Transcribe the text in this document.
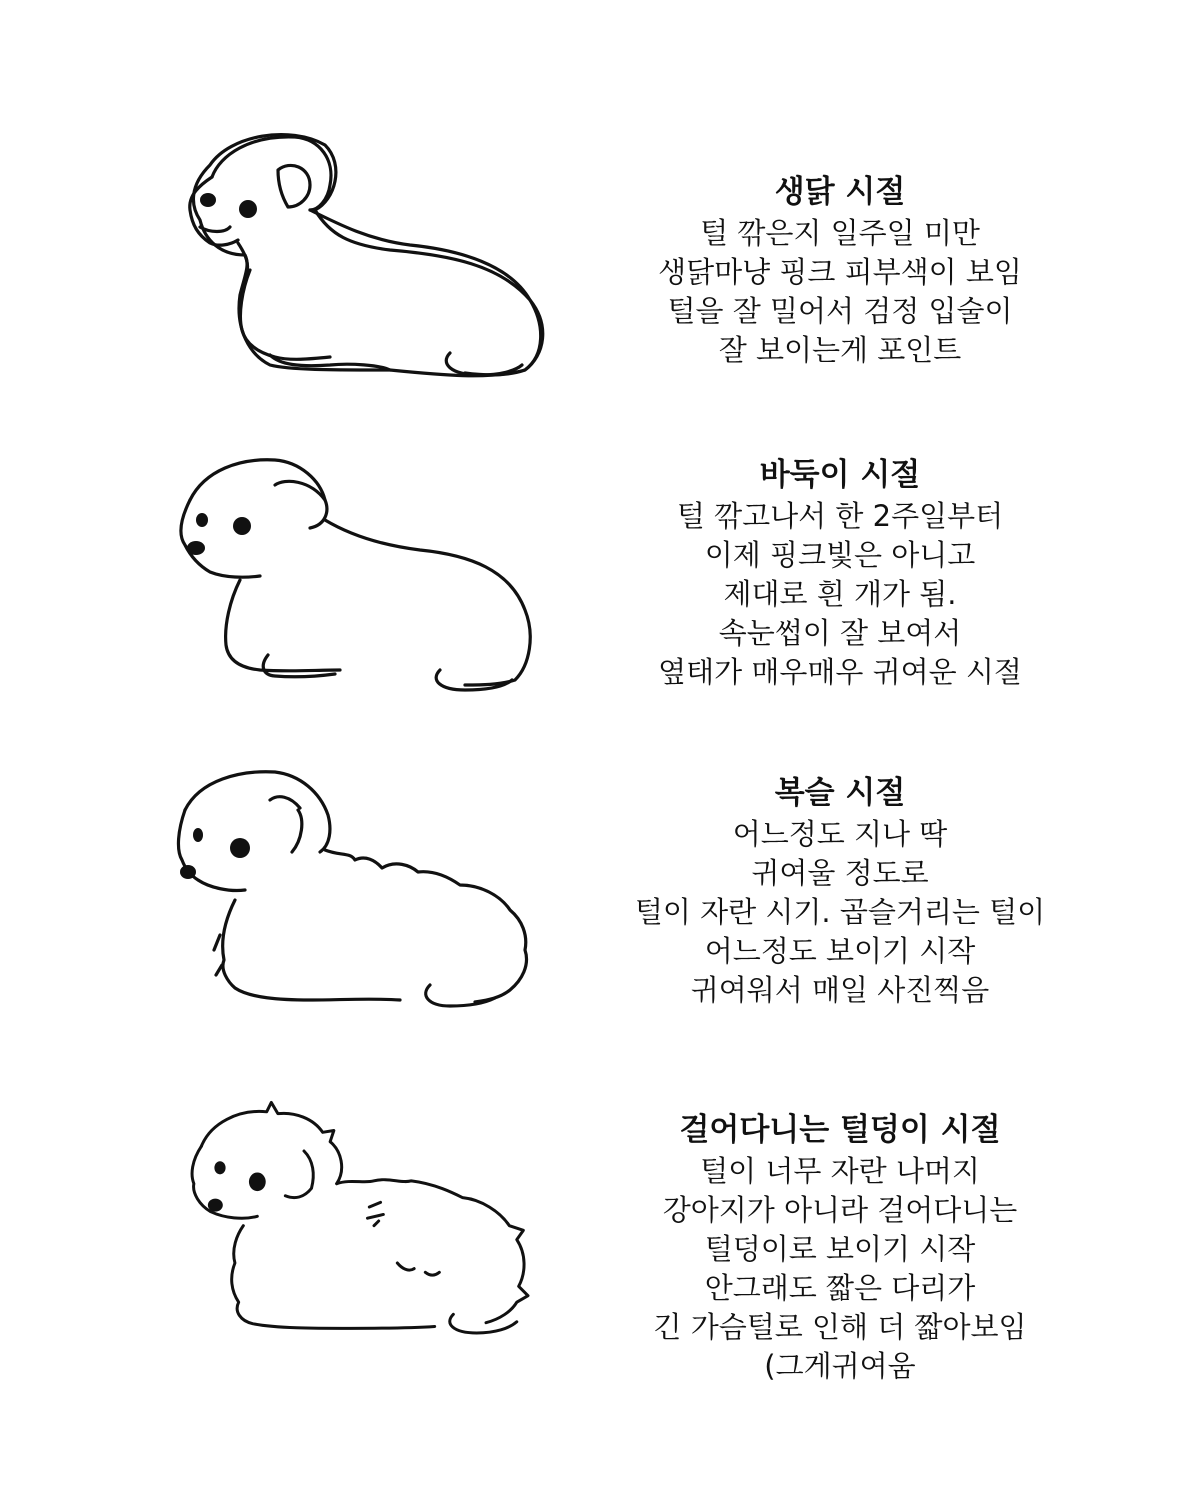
생닭 시절
털 깎은지 일주일 미만
생닭마냥 핑크 피부색이 보임
털을 잘 밀어서 검정 입술이
잘 보이는게 포인트
바둑이 시절
털 깎고나서 한 2주일부터
이제 핑크빛은 아니고
제대로 흰 개가 됨.
속눈썹이 잘 보여서
옆태가 매우매우 귀여운 시절
복슬 시절
어느정도 지나 딱
귀여울 정도로
털이 자란 시기. 곱슬거리는 털이
어느정도 보이기 시작
귀여워서 매일 사진찍음
걸어다니는 털덩이 시절
털이 너무 자란 나머지
강아지가 아니라 걸어다니는
털덩이로 보이기 시작
안그래도 짧은 다리가
긴 가슴털로 인해 더 짧아보임
(그게귀여움
